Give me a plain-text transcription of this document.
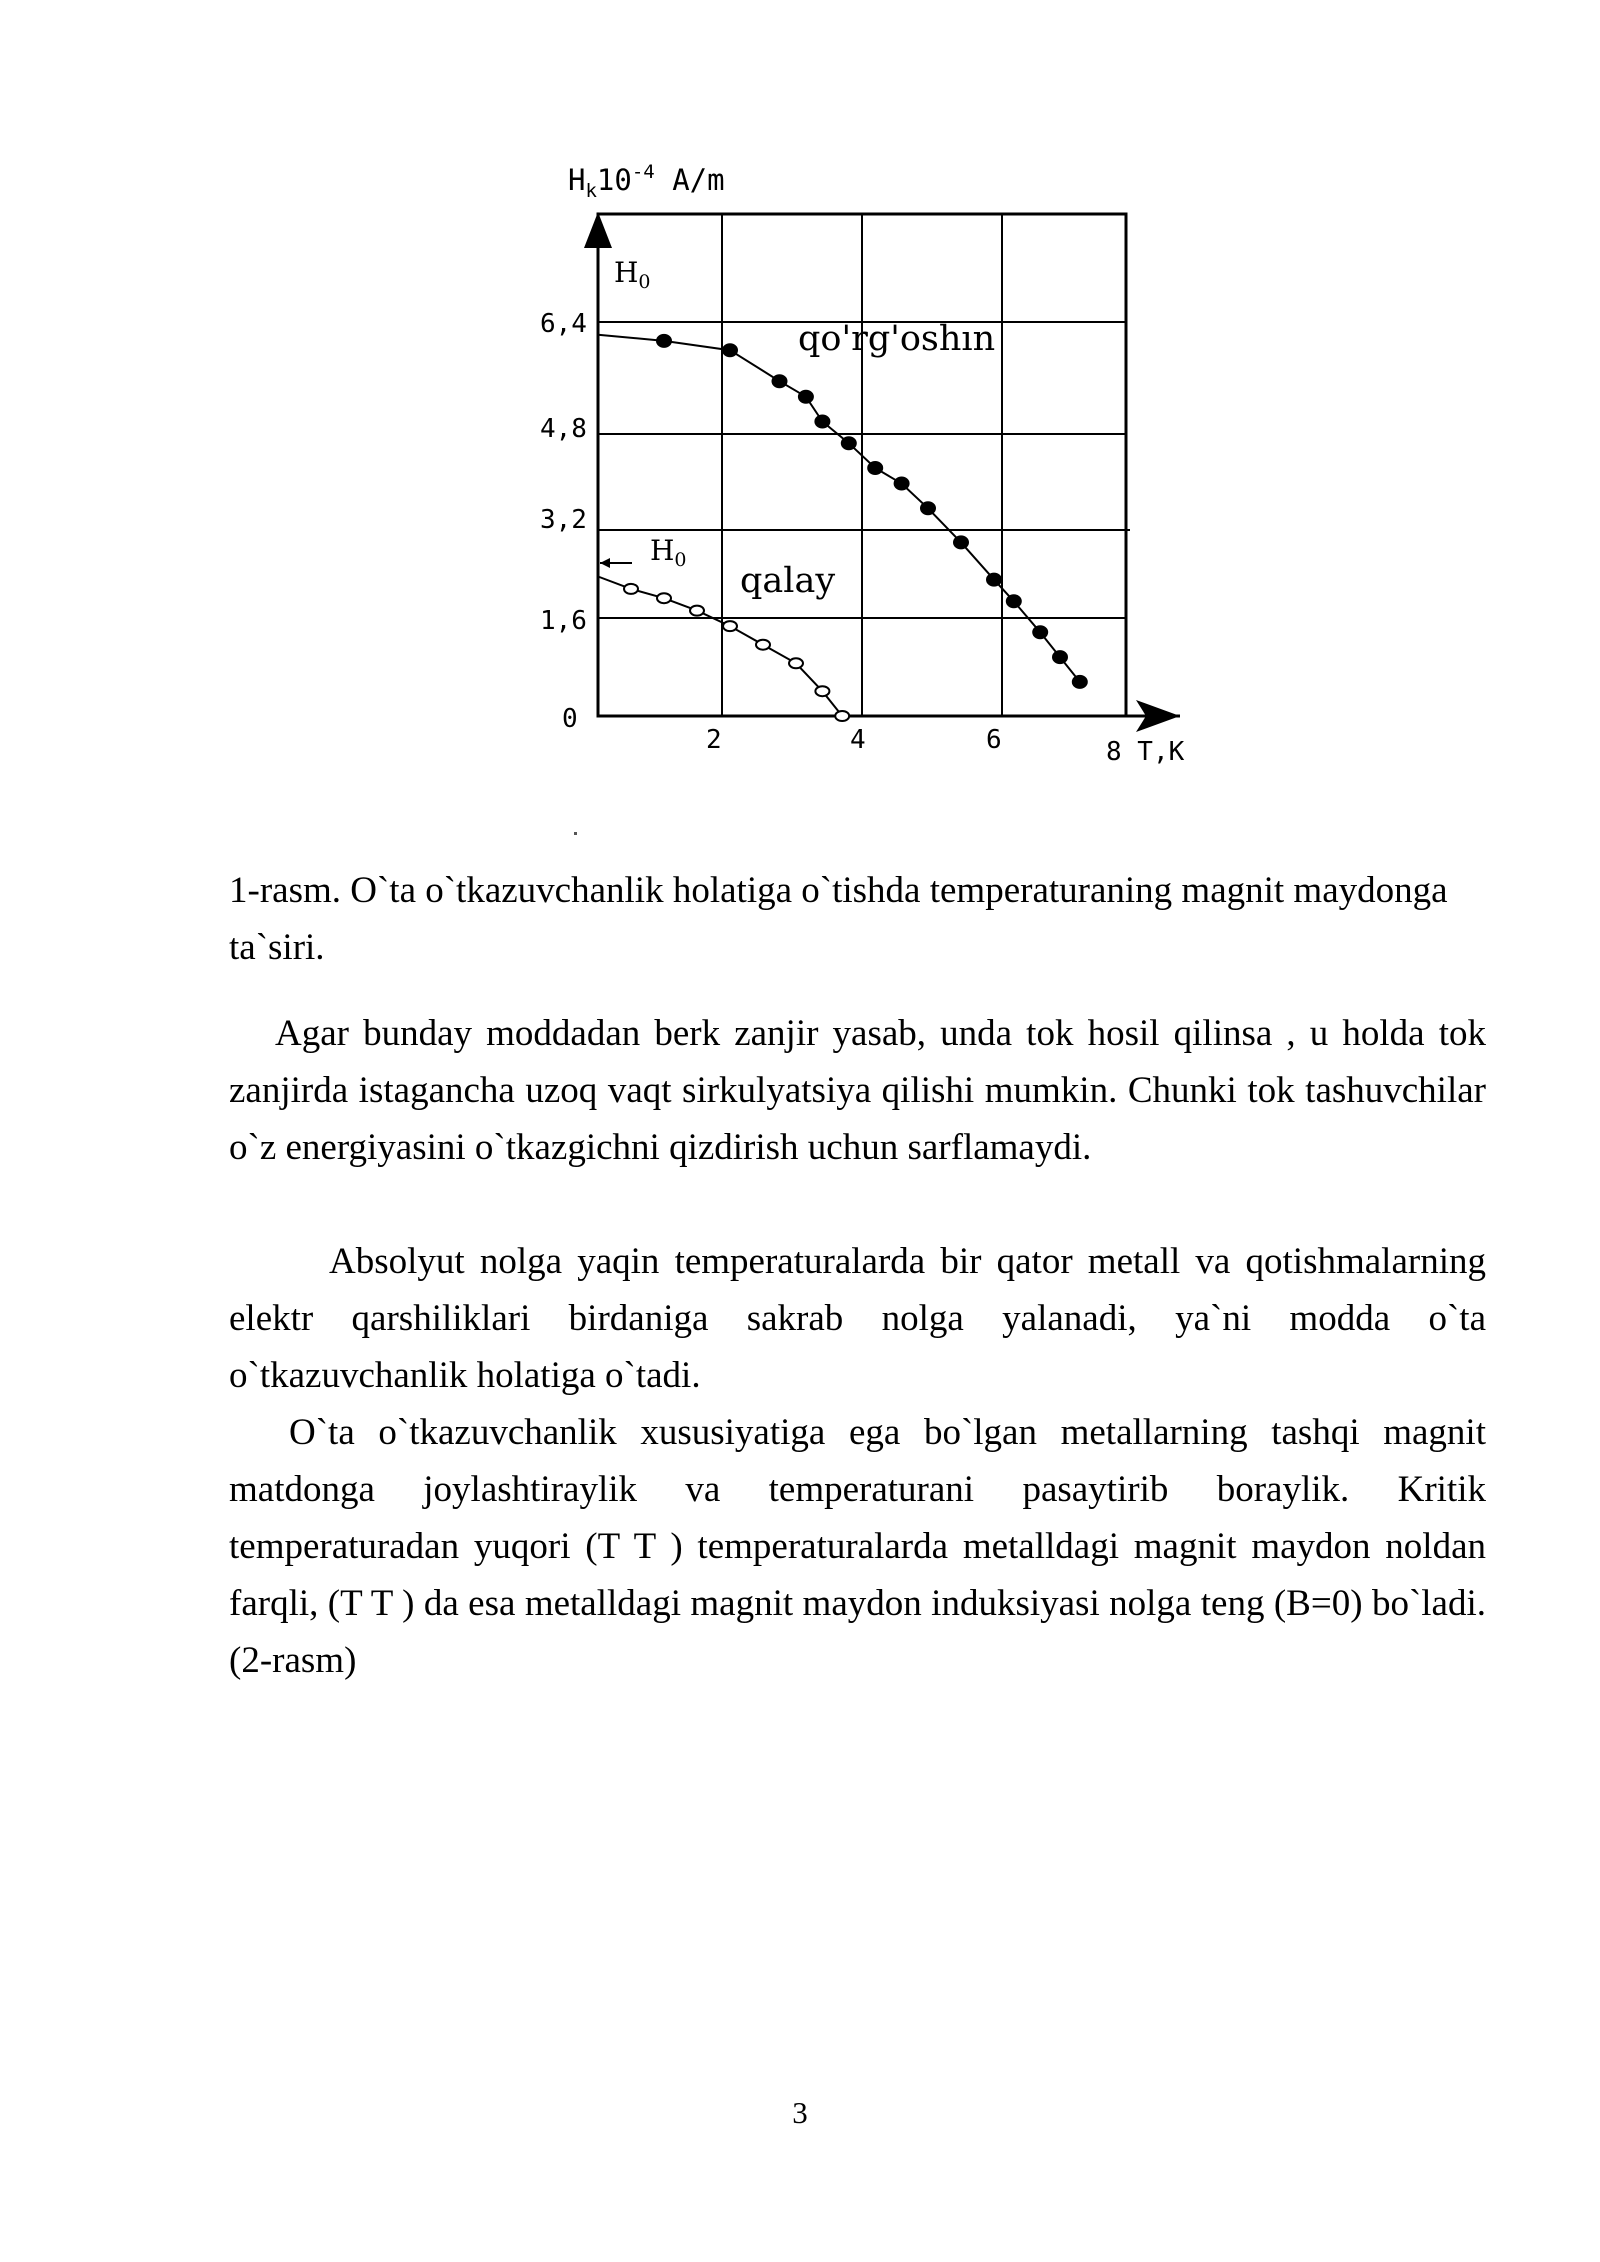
$H_k10^{-4}$ A/m
6,4
4,8
3,2
1,6
0
2	4	6	8 T,K
$H_0$
qo'rg'oshın
$H_0$
qalay

1-rasm. O`ta o`tkazuvchanlik holatiga o`tishda temperaturaning magnit maydonga ta`siri.

Agar bunday moddadan berk zanjir yasab, unda tok hosil qilinsa , u holda tok zanjirda istagancha uzoq vaqt sirkulyatsiya qilishi mumkin. Chunki tok tashuvchilar o`z energiyasini o`tkazgichni qizdirish uchun sarflamaydi.

Absolyut nolga yaqin temperaturalarda bir qator metall va qotishmalarning elektr qarshiliklari birdaniga sakrab nolga yalanadi, ya`ni modda o`ta o`tkazuvchanlik holatiga o`tadi.

O`ta o`tkazuvchanlik xususiyatiga ega bo`lgan metallarning tashqi magnit matdonga joylashtiraylik va temperaturani pasaytirib boraylik. Kritik temperaturadan yuqori (T T ) temperaturalarda metalldagi magnit maydon noldan farqli, (T T ) da esa metalldagi magnit maydon induksiyasi nolga teng (B=0) bo`ladi. (2-rasm)

3
